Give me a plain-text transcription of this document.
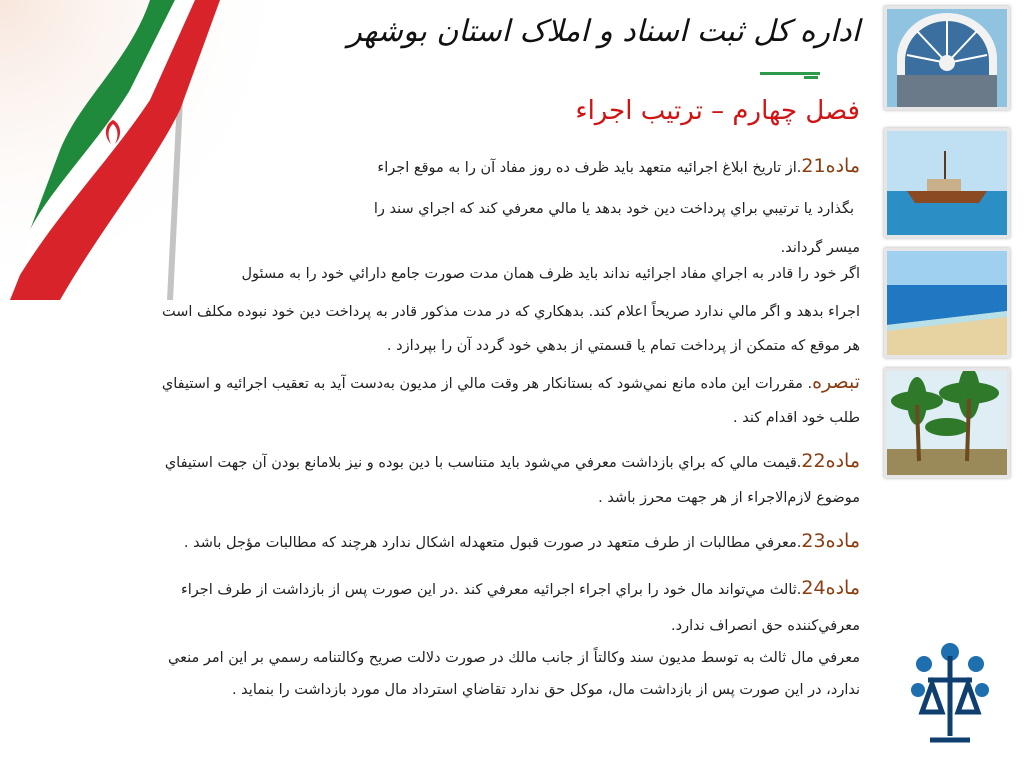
اداره کل ثبت اسناد و املاک استان بوشهر
فصل چهارم – ترتیب اجراء
ماده21.از تاريخ ابلاغ اجرائيه متعهد بايد ظرف ده روز مفاد آن را به موقع اجراء
بگذارد يا ترتيبي براي پرداخت دين خود بدهد يا مالي معرفي كند كه اجراي سند را
ميسر گرداند.
اگر خود را قادر به اجراي مفاد اجرائيه نداند بايد ظرف همان مدت صورت جامع دارائي خود را به مسئول
اجراء بدهد و اگر مالي ندارد صريحاً اعلام كند. بدهكاري كه در مدت مذكور قادر به پرداخت دين خود نبوده مكلف است
هر موقع كه متمكن از پرداخت تمام يا قسمتي از بدهي خود گردد آن را بپردازد .
تبصره. مقررات اين ماده مانع نمي‌شود كه بستانكار هر وقت مالي از مديون به‌دست آيد به تعقيب اجرائيه و استيفاي
طلب خود اقدام كند .
ماده22.قيمت مالي كه براي بازداشت معرفي مي‌شود بايد متناسب با دين بوده و نيز بلامانع بودن آن جهت استيفاي
موضوع لازم‌الاجراء از هر جهت محرز باشد .
ماده23.معرفي مطالبات از طرف متعهد در صورت قبول متعهدله اشكال ندارد هرچند كه مطالبات مؤجل باشد .
ماده24.ثالث مي‌تواند مال خود را براي اجراء اجرائيه معرفي كند .در اين صورت پس از بازداشت از طرف اجراء
معرفي‌كننده حق انصراف ندارد.
معرفي مال ثالث به توسط مديون سند وكالتاً از جانب مالك در صورت دلالت صريح وكالتنامه رسمي بر اين امر منعي
ندارد، در اين صورت پس از بازداشت مال، موكل حق ندارد تقاضاي استرداد مال مورد بازداشت را بنمايد .
